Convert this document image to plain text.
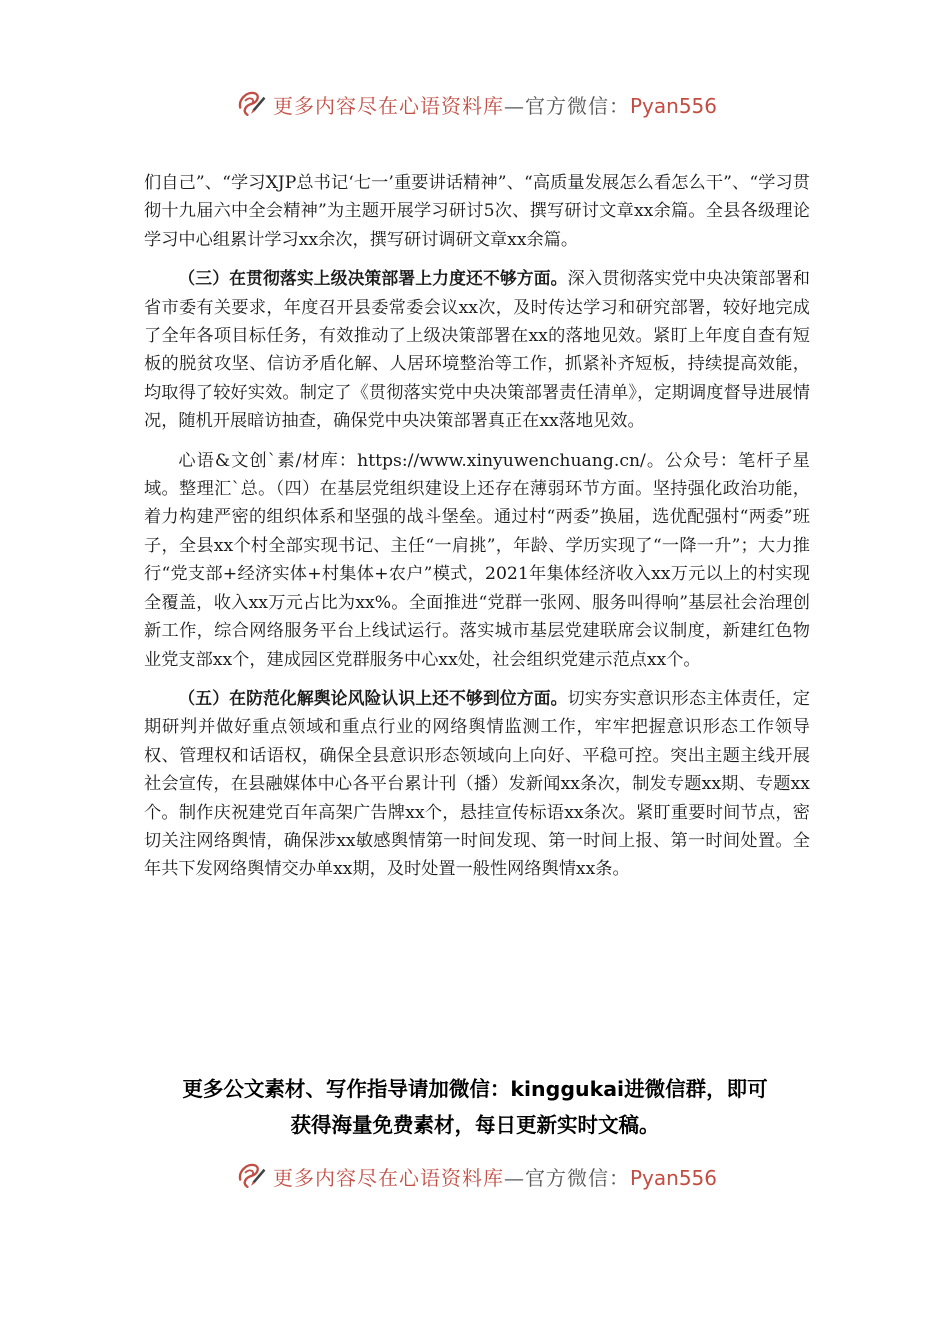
更多内容尽在心语资料库—官方微信：Pyan556

们自己”、“学习XJP总书记‘七一’重要讲话精神”、“高质量发展怎么看怎么干”、“学习贯彻十九届六中全会精神”为主题开展学习研讨5次、撰写研讨文章xx余篇。全县各级理论学习中心组累计学习xx余次，撰写研讨调研文章xx余篇。

（三）在贯彻落实上级决策部署上力度还不够方面。深入贯彻落实党中央决策部署和省市委有关要求，年度召开县委常委会议xx次，及时传达学习和研究部署，较好地完成了全年各项目标任务，有效推动了上级决策部署在xx的落地见效。紧盯上年度自查有短板的脱贫攻坚、信访矛盾化解、人居环境整治等工作，抓紧补齐短板，持续提高效能，均取得了较好实效。制定了《贯彻落实党中央决策部署责任清单》，定期调度督导进展情况，随机开展暗访抽查，确保党中央决策部署真正在xx落地见效。

心语&文创`素/材库：https://www.xinyuwenchuang.cn/。公众号：笔杆子星域。整理汇`总。（四）在基层党组织建设上还存在薄弱环节方面。坚持强化政治功能，着力构建严密的组织体系和坚强的战斗堡垒。通过村“两委”换届，选优配强村“两委”班子，全县xx个村全部实现书记、主任“一肩挑”，年龄、学历实现了“一降一升”；大力推行“党支部+经济实体+村集体+农户”模式，2021年集体经济收入xx万元以上的村实现全覆盖，收入xx万元占比为xx%。全面推进“党群一张网、服务叫得响”基层社会治理创新工作，综合网络服务平台上线试运行。落实城市基层党建联席会议制度，新建红色物业党支部xx个，建成园区党群服务中心xx处，社会组织党建示范点xx个。

（五）在防范化解舆论风险认识上还不够到位方面。切实夯实意识形态主体责任，定期研判并做好重点领域和重点行业的网络舆情监测工作，牢牢把握意识形态工作领导权、管理权和话语权，确保全县意识形态领域向上向好、平稳可控。突出主题主线开展社会宣传，在县融媒体中心各平台累计刊（播）发新闻xx条次，制发专题xx期、专题xx个。制作庆祝建党百年高架广告牌xx个，悬挂宣传标语xx条次。紧盯重要时间节点，密切关注网络舆情，确保涉xx敏感舆情第一时间发现、第一时间上报、第一时间处置。全年共下发网络舆情交办单xx期，及时处置一般性网络舆情xx条。

更多公文素材、写作指导请加微信：kinggukai进微信群，即可
获得海量免费素材，每日更新实时文稿。
更多内容尽在心语资料库—官方微信：Pyan556
